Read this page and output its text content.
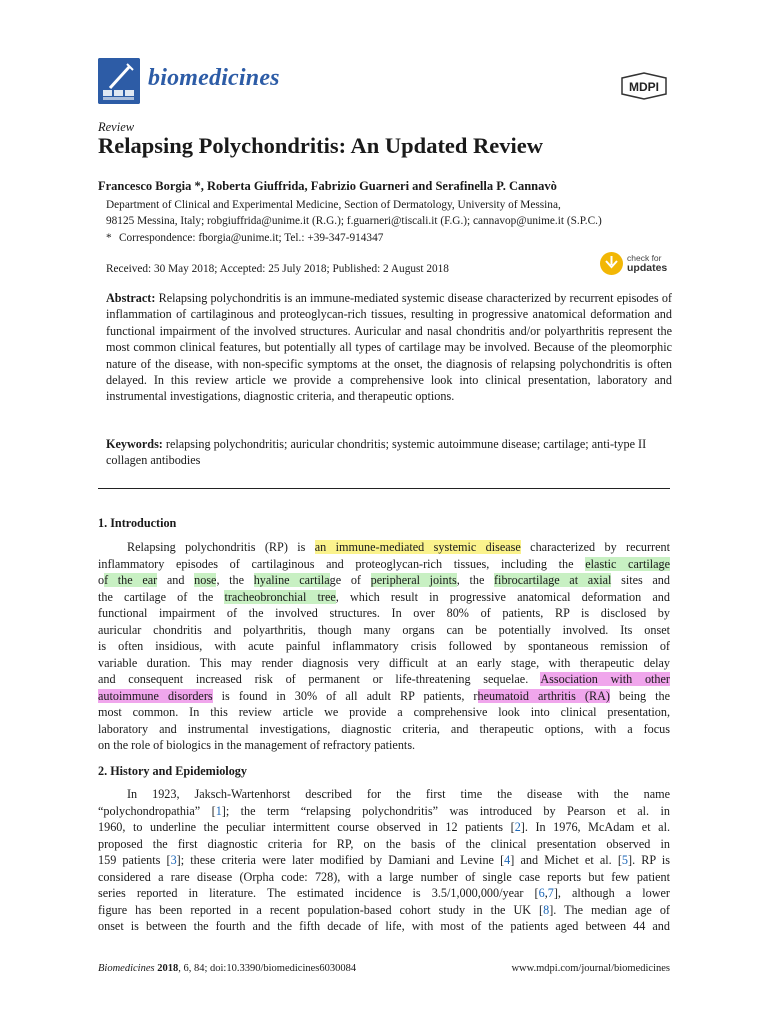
biomedicines	MDPI
Review
Relapsing Polychondritis: An Updated Review
Francesco Borgia *, Roberta Giuffrida, Fabrizio Guarneri and Serafinella P. Cannavò
Department of Clinical and Experimental Medicine, Section of Dermatology, University of Messina,
98125 Messina, Italy; robgiuffrida@unime.it (R.G.); f.guarneri@tiscali.it (F.G.); cannavop@unime.it (S.P.C.)
* Correspondence: fborgia@unime.it; Tel.: +39-347-914347
Received: 30 May 2018; Accepted: 25 July 2018; Published: 2 August 2018
check for
updates
Abstract: Relapsing polychondritis is an immune-mediated systemic disease characterized by recurrent episodes of inflammation of cartilaginous and proteoglycan-rich tissues, resulting in progressive anatomical deformation and functional impairment of the involved structures. Auricular and nasal chondritis and/or polyarthritis represent the most common clinical features, but potentially all types of cartilage may be involved. Because of the pleomorphic nature of the disease, with non-specific symptoms at the onset, the diagnosis of relapsing polychondritis is often delayed. In this review article we provide a comprehensive look into clinical presentation, laboratory and instrumental investigations, diagnostic criteria, and therapeutic options.
Keywords: relapsing polychondritis; auricular chondritis; systemic autoimmune disease; cartilage; anti-type II collagen antibodies
1. Introduction
Relapsing polychondritis (RP) is an immune-mediated systemic disease characterized by recurrent
inflammatory episodes of cartilaginous and proteoglycan-rich tissues, including the elastic cartilage
of the ear and nose, the hyaline cartilage of peripheral joints, the fibrocartilage at axial sites and
the cartilage of the tracheobronchial tree, which result in progressive anatomical deformation and
functional impairment of the involved structures. In over 80% of patients, RP is disclosed by
auricular chondritis and polyarthritis, though many organs can be potentially involved. Its onset
is often insidious, with acute painful inflammatory crisis followed by spontaneous remission of
variable duration. This may render diagnosis very difficult at an early stage, with therapeutic delay
and consequent increased risk of permanent or life-threatening sequelae. Association with other
autoimmune disorders is found in 30% of all adult RP patients, rheumatoid arthritis (RA) being the
most common. In this review article we provide a comprehensive look into clinical presentation,
laboratory and instrumental investigations, diagnostic criteria, and therapeutic options, with a focus
on the role of biologics in the management of refractory patients.
2. History and Epidemiology
In 1923, Jaksch-Wartenhorst described for the first time the disease with the name
“polychondropathia” [1]; the term “relapsing polychondritis” was introduced by Pearson et al. in
1960, to underline the peculiar intermittent course observed in 12 patients [2]. In 1976, McAdam et al.
proposed the first diagnostic criteria for RP, on the basis of the clinical presentation observed in
159 patients [3]; these criteria were later modified by Damiani and Levine [4] and Michet et al. [5]. RP is
considered a rare disease (Orpha code: 728), with a large number of single case reports but few patient
series reported in literature. The estimated incidence is 3.5/1,000,000/year [6,7], although a lower
figure has been reported in a recent population-based cohort study in the UK [8]. The median age of
onset is between the fourth and the fifth decade of life, with most of the patients aged between 44 and
Biomedicines 2018, 6, 84; doi:10.3390/biomedicines6030084	www.mdpi.com/journal/biomedicines
